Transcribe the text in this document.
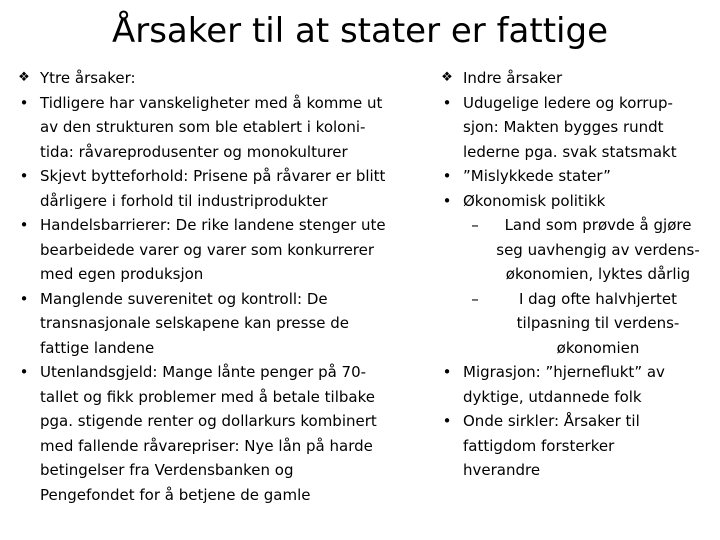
Årsaker til at stater er fattige
❖ Ytre årsaker:
• Tidligere har vanskeligheter med å komme ut
av den strukturen som ble etablert i koloni-
tida: råvareprodusenter og monokulturer
• Skjevt bytteforhold: Prisene på råvarer er blitt
dårligere i forhold til industriprodukter
• Handelsbarrierer: De rike landene stenger ute
bearbeidede varer og varer som konkurrerer
med egen produksjon
• Manglende suverenitet og kontroll: De
transnasjonale selskapene kan presse de
fattige landene
• Utenlandsgjeld: Mange lånte penger på 70-
tallet og fikk problemer med å betale tilbake
pga. stigende renter og dollarkurs kombinert
med fallende råvarepriser: Nye lån på harde
betingelser fra Verdensbanken og
Pengefondet for å betjene de gamle
❖ Indre årsaker
• Udugelige ledere og korrup-
sjon: Makten bygges rundt
lederne pga. svak statsmakt
• ”Mislykkede stater”
• Økonomisk politikk
–	Land som prøvde å gjøre
seg uavhengig av verdens-
økonomien, lyktes dårlig
–	I dag ofte halvhjertet
tilpasning til verdens-
økonomien
• Migrasjon: ”hjerneflukt” av
dyktige, utdannede folk
• Onde sirkler: Årsaker til
fattigdom forsterker
hverandre
